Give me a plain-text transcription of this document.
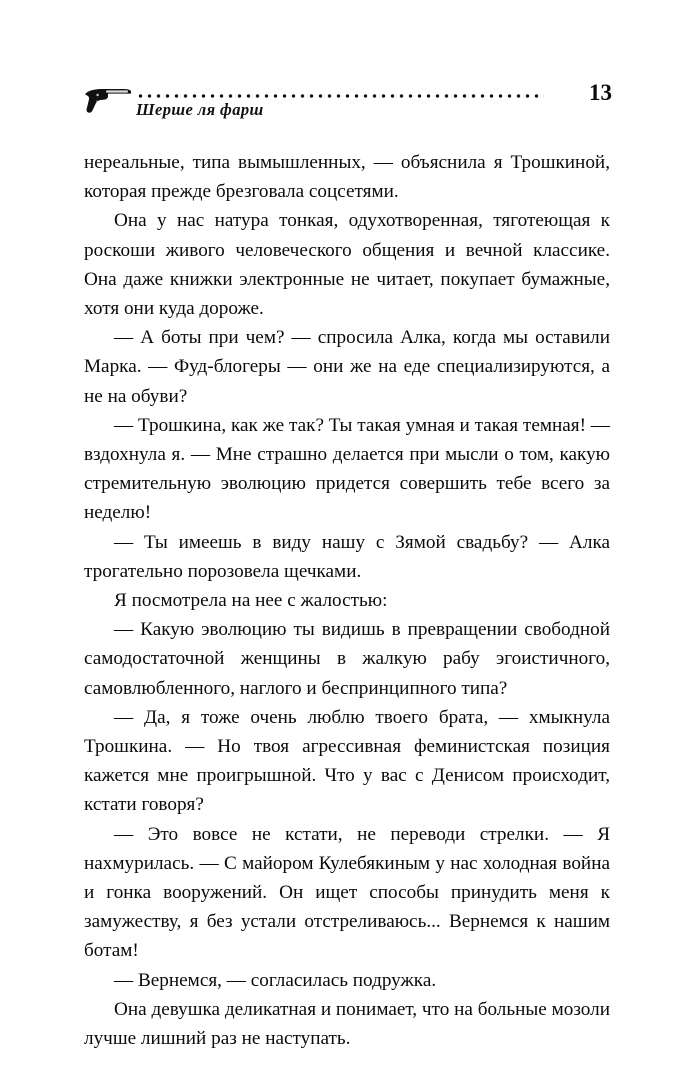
Шерше ля фарш
13

нереальные, типа вымышленных, — объяснила я Трошкиной, которая прежде брезговала соцсетями.

Она у нас натура тонкая, одухотворенная, тяготеющая к роскоши живого человеческого общения и вечной классике. Она даже книжки электронные не читает, покупает бумажные, хотя они куда дороже.

— А боты при чем? — спросила Алка, когда мы оставили Марка. — Фуд-блогеры — они же на еде специализируются, а не на обуви?

— Трошкина, как же так? Ты такая умная и такая темная! — вздохнула я. — Мне страшно делается при мысли о том, какую стремительную эволюцию придется совершить тебе всего за неделю!

— Ты имеешь в виду нашу с Зямой свадьбу? — Алка трогательно порозовела щечками.

Я посмотрела на нее с жалостью:

— Какую эволюцию ты видишь в превращении свободной самодостаточной женщины в жалкую рабу эгоистичного, самовлюбленного, наглого и беспринципного типа?

— Да, я тоже очень люблю твоего брата, — хмыкнула Трошкина. — Но твоя агрессивная феминистская позиция кажется мне проигрышной. Что у вас с Денисом происходит, кстати говоря?

— Это вовсе не кстати, не переводи стрелки. — Я нахмурилась. — С майором Кулебякиным у нас холодная война и гонка вооружений. Он ищет способы принудить меня к замужеству, я без устали отстреливаюсь... Вернемся к нашим ботам!

— Вернемся, — согласилась подружка.

Она девушка деликатная и понимает, что на больные мозоли лучше лишний раз не наступать.
